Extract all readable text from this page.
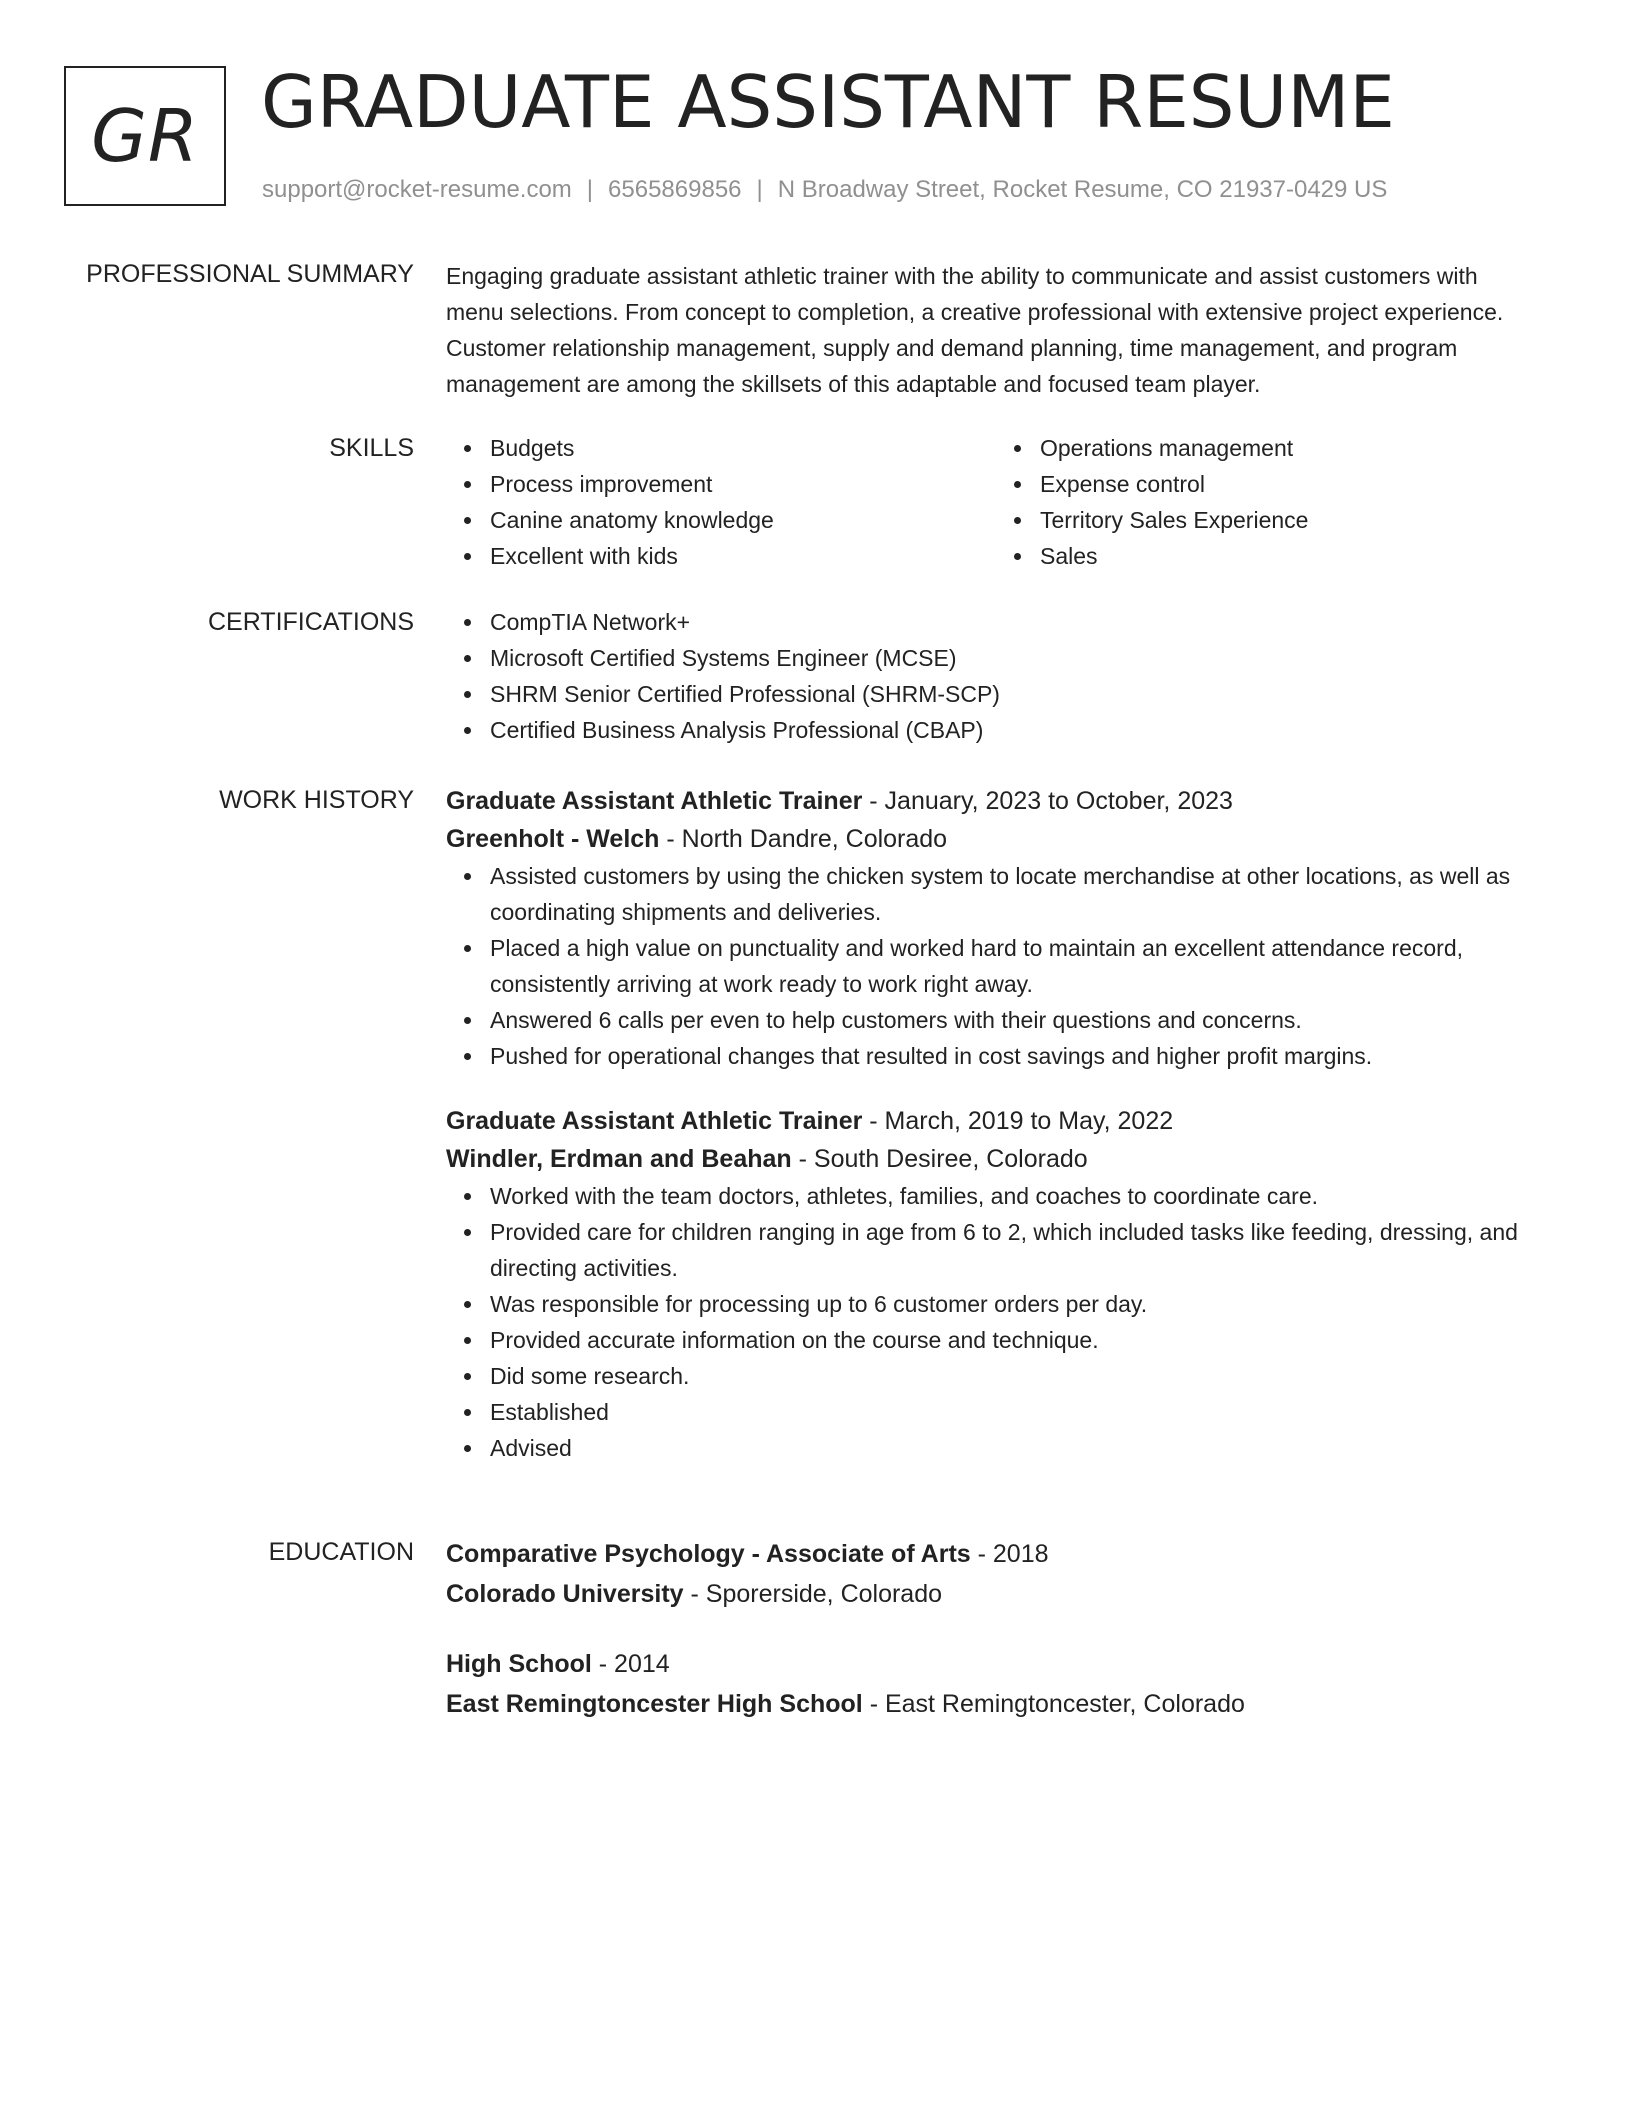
GR GRADUATE ASSISTANT RESUME
support@rocket-resume.com | 6565869856 | N Broadway Street, Rocket Resume, CO 21937-0429 US
PROFESSIONAL SUMMARY Engaging graduate assistant athletic trainer with the ability to communicate and assist customers with menu selections. From concept to completion, a creative professional with extensive project experience. Customer relationship management, supply and demand planning, time management, and program management are among the skillsets of this adaptable and focused team player.

SKILLS	Budgets
Process improvement
Canine anatomy knowledge
Excellent with kids
Operations management
Expense control
Territory Sales Experience
Sales
CERTIFICATIONS	CompTIA Network+
Microsoft Certified Systems Engineer (MCSE)
SHRM Senior Certified Professional (SHRM-SCP)
Certified Business Analysis Professional (CBAP)
WORK HISTORY Graduate Assistant Athletic Trainer - January, 2023 to October, 2023
Greenholt - Welch - North Dandre, Colorado
Assisted customers by using the chicken system to locate merchandise at other locations, as well as coordinating shipments and deliveries.
Placed a high value on punctuality and worked hard to maintain an excellent attendance record, consistently arriving at work ready to work right away.
Answered 6 calls per even to help customers with their questions and concerns.
Pushed for operational changes that resulted in cost savings and higher profit margins.
Graduate Assistant Athletic Trainer - March, 2019 to May, 2022
Windler, Erdman and Beahan - South Desiree, Colorado
Worked with the team doctors, athletes, families, and coaches to coordinate care.
Provided care for children ranging in age from 6 to 2, which included tasks like feeding, dressing, and directing activities.
Was responsible for processing up to 6 customer orders per day.
Provided accurate information on the course and technique.
Did some research.
Established
Advised
EDUCATION Comparative Psychology - Associate of Arts - 2018
Colorado University - Sporerside, Colorado
High School - 2014
East Remingtoncester High School - East Remingtoncester, Colorado
